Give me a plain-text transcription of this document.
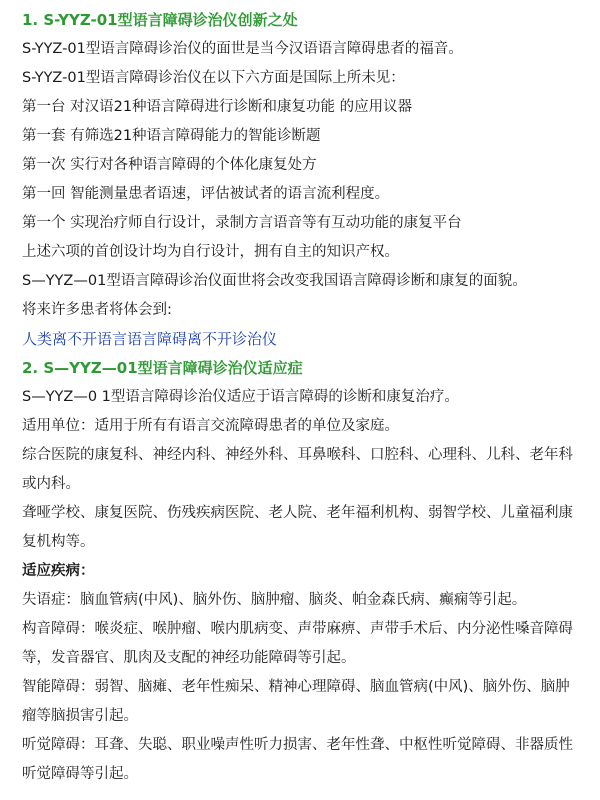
1. S-YYZ-01型语言障碍诊治仪创新之处
S-YYZ-01型语言障碍诊治仪的面世是当今汉语语言障碍患者的福音。
S-YYZ-01型语言障碍诊治仪在以下六方面是国际上所未见：
第一台 对汉语21种语言障碍进行诊断和康复功能 的应用议器
第一套 有筛选21种语言障碍能力的智能诊断题
第一次 实行对各种语言障碍的个体化康复处方
第一回 智能测量患者语速，评估被试者的语言流利程度。
第一个 实现治疗师自行设计，录制方言语音等有互动功能的康复平台
上述六项的首创设计均为自行设计，拥有自主的知识产权。
S—YYZ—01型语言障碍诊治仪面世将会改变我国语言障碍诊断和康复的面貌。
将来许多患者将体会到:
人类离不开语言语言障碍离不开诊治仪
2. S—YYZ—01型语言障碍诊治仪适应症
S—YYZ—0 1型语言障碍诊治仪适应于语言障碍的诊断和康复治疗。
适用单位：适用于所有有语言交流障碍患者的单位及家庭。
综合医院的康复科、神经内科、神经外科、耳鼻喉科、口腔科、心理科、儿科、老年科或内科。
聋哑学校、康复医院、伤残疾病医院、老人院、老年福利机构、弱智学校、儿童福利康复机构等。
适应疾病：
失语症：脑血管病(中风)、脑外伤、脑肿瘤、脑炎、帕金森氏病、癫痫等引起。
构音障碍：喉炎症、喉肿瘤、喉内肌病变、声带麻痹、声带手术后、内分泌性嗓音障碍等，发音器官、肌肉及支配的神经功能障碍等引起。
智能障碍：弱智、脑瘫、老年性痴呆、精神心理障碍、脑血管病(中风)、脑外伤、脑肿瘤等脑损害引起。
听觉障碍：耳聋、失聪、职业噪声性听力损害、老年性聋、中枢性听觉障碍、非器质性听觉障碍等引起。
